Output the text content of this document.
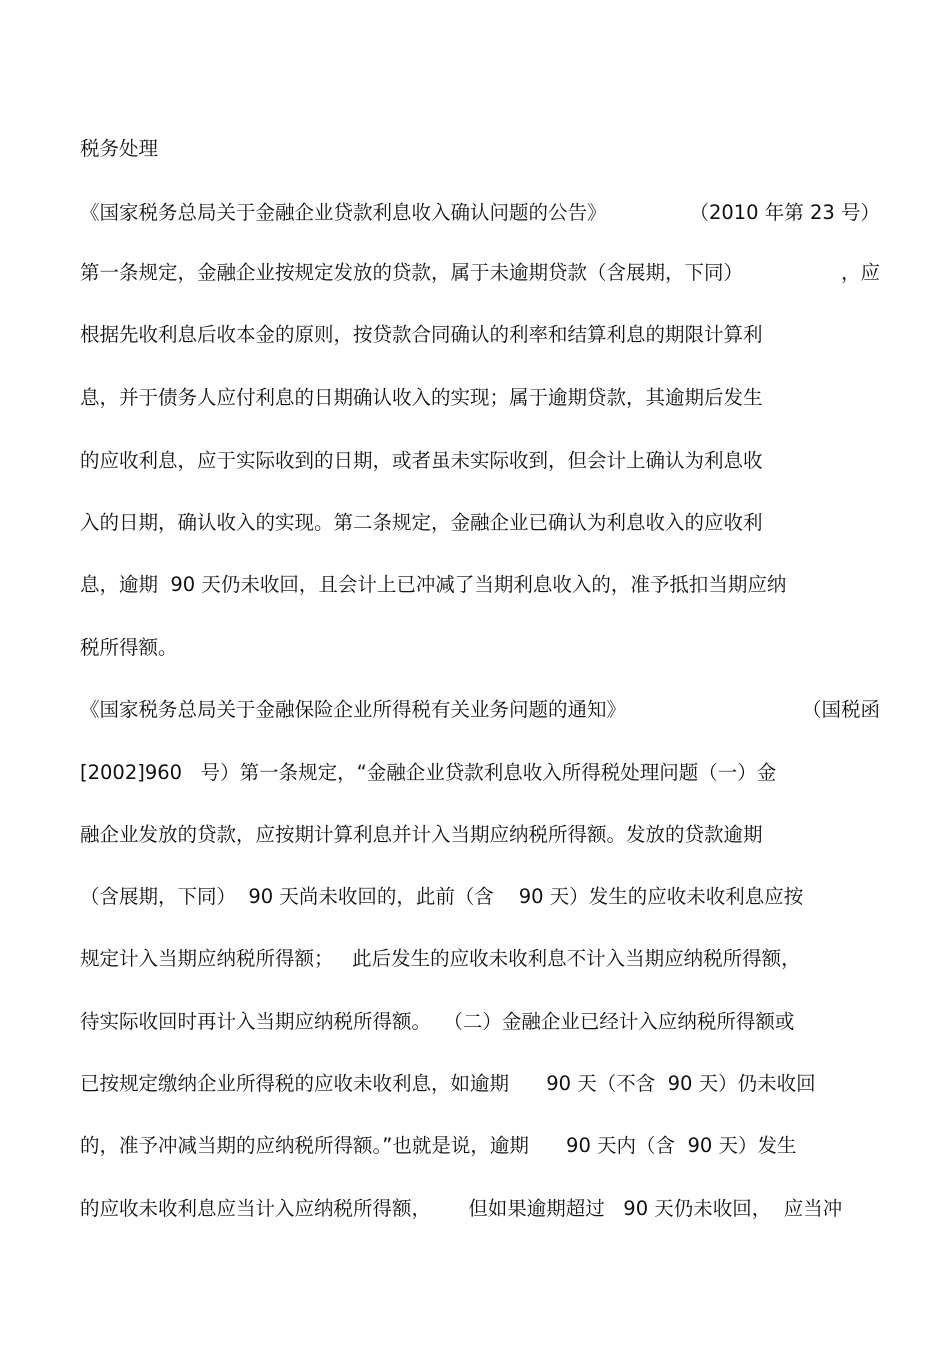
税务处理
《国家税务总局关于金融企业贷款利息收入确认问题的公告》	（2010 年第 23 号）
第一条规定，金融企业按规定发放的贷款，属于未逾期贷款（含展期，下同）	，应
根据先收利息后收本金的原则，按贷款合同确认的利率和结算利息的期限计算利
息，并于债务人应付利息的日期确认收入的实现；属于逾期贷款，其逾期后发生
的应收利息，应于实际收到的日期，或者虽未实际收到，但会计上确认为利息收
入的日期，确认收入的实现。第二条规定，金融企业已确认为利息收入的应收利
息，逾期  90 天仍未收回，且会计上已冲减了当期利息收入的，准予抵扣当期应纳
税所得额。
《国家税务总局关于金融保险企业所得税有关业务问题的通知》	（国税函
[2002]960   号）第一条规定，“金融企业贷款利息收入所得税处理问题（一）金
融企业发放的贷款，应按期计算利息并计入当期应纳税所得额。发放的贷款逾期
（含展期，下同）  90 天尚未收回的，此前（含    90 天）发生的应收未收利息应按
规定计入当期应纳税所得额；   此后发生的应收未收利息不计入当期应纳税所得额，
待实际收回时再计入当期应纳税所得额。  （二）金融企业已经计入应纳税所得额或
已按规定缴纳企业所得税的应收未收利息，如逾期      90 天（不含  90 天）仍未收回
的，准予冲减当期的应纳税所得额。”也就是说，逾期      90 天内（含  90 天）发生
的应收未收利息应当计入应纳税所得额，      但如果逾期超过   90 天仍未收回，  应当冲
